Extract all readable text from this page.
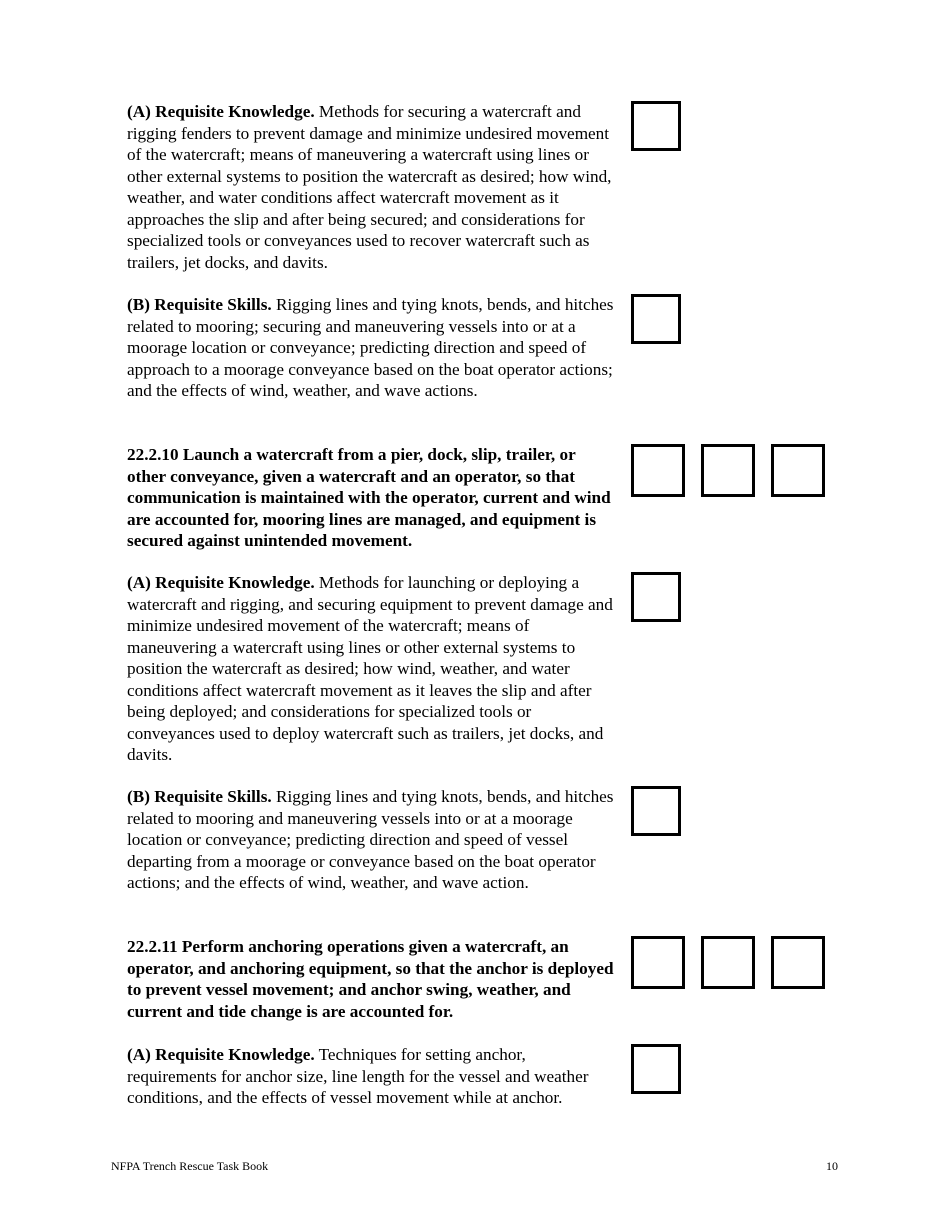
(A) Requisite Knowledge. Methods for securing a watercraft and rigging fenders to prevent damage and minimize undesired movement of the watercraft; means of maneuvering a watercraft using lines or other external systems to position the watercraft as desired; how wind, weather, and water conditions affect watercraft movement as it approaches the slip and after being secured; and considerations for specialized tools or conveyances used to recover watercraft such as trailers, jet docks, and davits.

(B) Requisite Skills. Rigging lines and tying knots, bends, and hitches related to mooring; securing and maneuvering vessels into or at a moorage location or conveyance; predicting direction and speed of approach to a moorage conveyance based on the boat operator actions; and the effects of wind, weather, and wave actions.

22.2.10 Launch a watercraft from a pier, dock, slip, trailer, or other conveyance, given a watercraft and an operator, so that communication is maintained with the operator, current and wind are accounted for, mooring lines are managed, and equipment is secured against unintended movement.

(A) Requisite Knowledge. Methods for launching or deploying a watercraft and rigging, and securing equipment to prevent damage and minimize undesired movement of the watercraft; means of maneuvering a watercraft using lines or other external systems to position the watercraft as desired; how wind, weather, and water conditions affect watercraft movement as it leaves the slip and after being deployed; and considerations for specialized tools or conveyances used to deploy watercraft such as trailers, jet docks, and davits.

(B) Requisite Skills. Rigging lines and tying knots, bends, and hitches related to mooring and maneuvering vessels into or at a moorage location or conveyance; predicting direction and speed of vessel departing from a moorage or conveyance based on the boat operator actions; and the effects of wind, weather, and wave action.

22.2.11 Perform anchoring operations given a watercraft, an operator, and anchoring equipment, so that the anchor is deployed to prevent vessel movement; and anchor swing, weather, and current and tide change is are accounted for.

(A) Requisite Knowledge. Techniques for setting anchor, requirements for anchor size, line length for the vessel and weather conditions, and the effects of vessel movement while at anchor.

NFPA Trench Rescue Task Book	10
